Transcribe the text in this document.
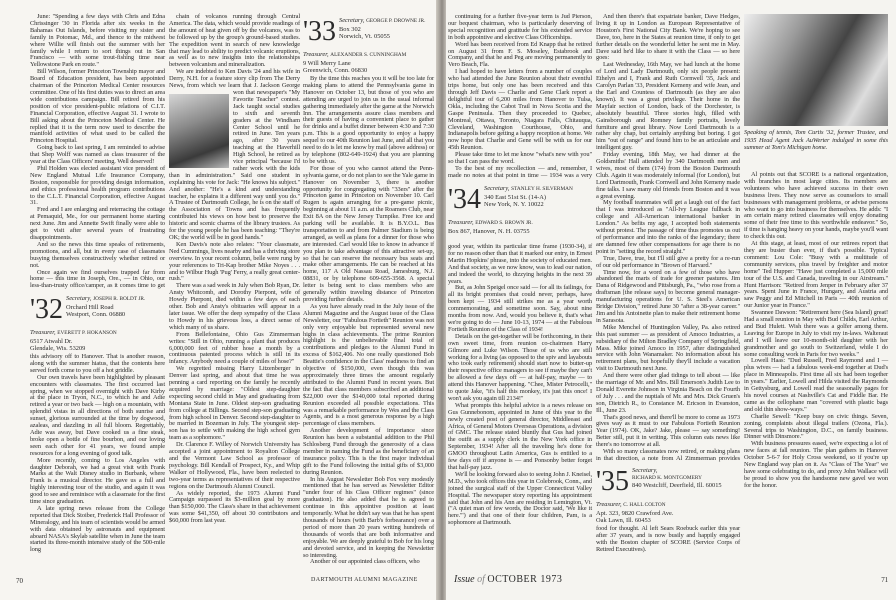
'32 Secretary, JOSEPH R. BOLDT JR.
Orchard Hill Road
Westport, Conn. 06880
Treasurer, EVERETT P. HOKANSON
6517 Atwahl Dr.
Glendale, Wis. 53209

June: "Spending a few days with Chris and Edna Chrissinger '30 in Florida after six weeks in the Bahamas Out Islands, before visiting my sister and family in Potomac, Md., and thence to the midwest where Willie will finish out the summer with her family while I return to sort things out in San Francisco — with some trout-fishing time near Yellowstone Park en route."

Bill Wilson, former Princeton Township mayor and Board of Education president, has been appointed chairman of the Princeton Medical Center resources committee. One of his first duties was to direct an area wide contributions campaign. Bill retired from his position of vice president-public relations of C.I.T. Financial Corporation, effective August 31. I wrote to Bill asking about the Princeton Medical Center. He replied that it is the term now used to describe the manifold activities of what used to be called the Princeton Hospital.

Going back to last spring, I am reminded to advise that Shep Wolff was named as class treasurer of the year at the Class Officers' meeting. Well deserved!

Phil Holden was elected assistant vice president of New England Mutual Life Insurance Company, Boston, responsible for providing design information, and ethics professional health program contributions to the C.L.T. Financial Corporation, effective August 31.

Fred and I are enlarging and reterracing the cottage at Pemaquid, Me., for our permanent home starting next June. Jim and Annette Swift finally were able to get to visit after several years of frustrating disappointments.

And so the news this time speaks of retirements, promotions, and all, but in every case of classmates busying themselves constructively whether retired or not.

Once again we find ourselves trapped far from home — this time in Joseph, Ore., — in Ohio, our less-than-trusty office/camper, as it comes time to get this advisory off to Hanover. That is another reason, along with the summer hiatus, that the contents here served forth come to you off a hot griddle.

Our own travels have been highlighted by pleasant encounters with classmates. The first occurred last spring, when we stopped overnight with Dave Kirby at the place in Tryon, N.C., to which he and Adie retired a year or two back — high on a mountain, with splendid vistas in all directions of both sunrise and sunset, glorious surrounded at the time by dogwood, azaleas, and dazzling in all full bloom. Regrettably, Adie was away, but Dave cooked us a fine steak, broke open a bottle of fine bourbon, and our loving seen each other for 41 years, we found ample resources for a long evening of good talk.

More recently, coming to Los Angeles with daughter Deborah, we had a great visit with Frank Marks at the Walt Disney studio in Burbank, where Frank is a musical director. He gave us a full and highly interesting tour of the studio, and again it was good to see and reminisce with a classmate for the first time since graduation.

A late spring news release from the College reported that Dick Stoiber, Frederick Hall Professor of Mineralogy, and his team of scientists would be armed with data obtained by astronauts and equipment aboard NASA's Skylab satellite when in June the team started its three-month intensive study of the 500-mile long

chain of volcanos running through Central America. The data, which would provide readings of the amount of heat given off by the volcanos, was to be followed up by the group's ground-based studies. The expedition went in search of new knowledge that may lead to ability to predict volcanic eruptions, as well as to new insights into the relationships between volcanism and mineralization.

We are indebted to Ken Davis '24 and his wife in Derry, N.H. for a feature story clip from The Derry News, from which we learn that J. Jackson George won that newspaper's "My Favorite Teacher" contest. Jack taught social studies to sixth and seventh graders at the Windham Center School until he retired in June. Ten years ago, after 30 years teaching at the Haverhill High School, he retired as vice principal "because I'd rather work with the kids than in administration." Said one student in explaining his vote for Jack: "He knows his subject." And another: "He's a kind and understanding teacher, he explains it a different way until you do." A Trustee of Dartmouth College, he is on the staff of the Association of Towns and has frequently contributed his views on how best to preserve the historic and scenic charms of the library trustees. As for the young people he has been teaching: "They're OK; the world will be in good hands."

Ken Davis's note also relates: "Your classmate, Ned Cummings, lives nearby and has a thriving store overview. In your recent column, belle were rung by your references to Tri-Kap brother Mike Noyes . . . and to Wilbur Hugh 'Pug' Ferry, a really great center-rush."

There was a sad week in July when Bob Ryan, Dr. Ansty Whitcomb, and Dorothy Pierpont, wife of Howdy Pierpont, died within a few days of each other. Bob and Ansty's obituaries will appear in a later issue. We offer the deep sympathy of the Class to Howdy in his grievous loss, a direct sense of which many of us share.

From Bellefontaine, Ohio Gus Zimmerman writes: "Still in Ohio, running a plant that produces 6,000,000 feet of rubber hose a month by a continuous patented process which is still in its infancy. Anybody need a couple of miles of hose?"

We regretted missing Harry Litzenberger in Denver last spring, and about that time he was penning a card reporting on the family he recently acquired by marriage: "Oldest step-daughter expecting second child in May and graduating from Montana State in June. Oldest step-son graduating from college at Billings. Second step-son graduating from high school in Denver. Second step-daughter to be married in Bozeman in July. The youngest step-son has to settle with making the high school gym team as a sophomore."

Dr. Clarence F. Willey of Norwich University has accepted a joint appointment to Royalton College and the Vermont Law School as professor of psychology. Bill Kendall of Prospect, Ky., and Whip Walker of Hollywood, Fla., have been reelected to two-year terms as representatives of their respective regions on the Dartmouth Alumni Council.

As widely reported, the 1973 Alumni Fund Campaign surpassed its $3-million goal by more than $150,000. The Class's share in that achievement was some $41,350, off about 30 contributors and $60,000 from last year.

'33 Secretary, GEORGE P. DROWNE JR.
Box 302
Norwich, Vt. 05055
Treasurer, ALEXANDER S. CUNNINGHAM
9 Will Merry Lane
Greenwich, Conn. 06830
DARTMOUTH ALUMNI MAGAZINE

By the time this reaches you it will be too late for making plans to attend the Pennsylvania game in Hanover on October 13, but those of you who are attending are urged to join us in the usual informal gathering immediately after the game at the Norwich Inn. The arrangements assure class members and their guests of having a convenient place to gather for drinks and a buffet dinner between 4:30 and 7:30 p.m. This is a good opportunity to enjoy a happy sequel to our 40th Reunion last June, and all that you need to do is let me know by mail (above address) or by telephone (802-649-1924) that you are planning to be with us.

For those of you who cannot attend the Penn-sylvania game, or do not plan to see the Yale game in Hanover on November 3, there is another opportunity for congregating with "33ers" after the Princeton game in Princeton on November 10. Carl Rugen is again arranging for a pre-game picnic, beginning at about 11 a.m. at the Roamers Club, near Exit 8A on the New Jersey Turnpike. Free ice and parking will be available. It is B.Y.O.L. Bus transportation to and from Palmer Stadium is being arranged, as well as plans for a dinner for those who are interested. Carl would like to know in advance if you plan to take advantage of this attractive set-up, so that he can reserve the necessary bus seats and make other arrangements. He can be reached at his home, 117 A Old Nassau Road, Jamesburg, N.J. 08831, or by telephone 609-655-3568. A special letter is being sent to class members who are generally within traveling distance of Princeton providing further details.

As you have already read in the July issue of the Alumni Magazine and the August issue of the Class Newsletter, our "Fabulous Fortieth" Reunion was not only very enjoyable but represented several new highs in class achievements. The prime Reunion highlight is the unbelievable final total of contributions and pledges to the Alumni Fund in excess of $162,406. No one really questioned Bob Beattie's confidence in the Class' readiness to find an objective of $150,000, even though this was approximately three times the amount regularly attributed to the Alumni Fund in recent years. But the fact that class members subscribed an additional $22,000 over the $140,000 total reported during Reunion exceeded all possible expectations. This was a remarkable performance by Wes and the Class Agents, and is a most generous response by a high percentage of class members.

Another development of importance since Reunion has been a substantial addition to the Phil Schlosberg Fund through the generosity of a class member in naming the Fund as the beneficiary of an insurance policy. This is the first major individual gift to the Fund following the initial gifts of $3,000 during Reunion.

In his August Newsletter Bob Fox very modestly mentioned that he has served as Newsletter Editor "under four of his Class Officer regimes" (since graduation). He also added that he is agreed to continue in this appointive position at least temporarily. What he didn't say was that he has spent thousands of hours (with Barb's forbearance) over a period of more than 20 years writing hundreds of thousands of words that are both informative and enjoyable. We are deeply grateful to Bob for his long and devoted service, and in keeping the Newsletter so interesting.

Another of our appointed class officers, who

70
'34 Secretary, STANLEY H. SILVERMAN
340 East 51st St. (14-A)
New York, N. Y. 10022
Treasurer, EDWARD S. BROWN JR.
Box 867, Hanover, N. H. 03755
Issue of OCTOBER 1973

continuing for a further five-year term is Jud Pierson, our bequest chairman, who is particularly deserving of special recognition and gratitude for his extended service in both appointive and elective Class Officerships.

Word has been received from Ed Knapp that he retired on August 31 from F. S. Moseley, Estabrook and Company, and that he and Peg are moving permanently to Vero Beach, Fla.

I had hoped to have letters from a number of couples who had attended the June Reunion about their eventful trips home, but only one has been received and this through Jeff Davis — Charlie and Gene Clark report a delightful tour of 6,200 miles from Hanover to Tulsa, Okla., including the Cabot Trail in Nova Scotia and the Gaspe Peninsula. Then they proceeded to Quebec, Montreal, Ottawa, Toronto, Niagara Falls, Chitauqua, Cleveland, Washington Courthouse, Ohio, and Indianapolis before getting a happy reception at home. We now hope that Charlie and Gene will be with us for our 45th Reunion.

Please take time to let me know "what's new with you" so that I can pass the word.

To the best of my recollection — and, remember, I made no notes at that point in time — 1934 was a very good year, within its particular time frame (1930-34), if for no reason other than that it marked our entry, in Ernest Martin Hopkins' phrase, into the society of educated men. And that society, as we now know, was to lead our nation, and indeed the world, to dizzying heights in the next 39 years.

But, as John Speigel once said — for all its failings, for all its bright promises that could never, perhaps, have been kept — 1934 still strikes me as a year worth commemorating, and sometime soon. Say, about nine months from now. And, would you believe it, that's what we're going to do — June 10-13, 1974 — at the Fabulous Fortieth Reunion of the Class of 1934!

Details on the get-together will be forthcoming, in their own sweet time, from reunion co-chairmen Harry Gilmore and Luke Wilson. Those of us who are still working for a living (as opposed to the spiv and layabouts who took early retirement) should start now to butter-up their respective office managers to see if maybe they can't be allowed a few days off — at half-pay, maybe — to attend this Hanover happening. "Chee, Mister Petrocelli," to quote Jake, "it's half this monkey, it's just this once! I won't ask you again till 2134!"

What prompts this helpful advice is a news release on Gus Gunnebonom, appointed in June of this year to the newly created post of general director, Middleeast and Africa, of General Motors Overseas Operations, a division of GMC. The release stated bluntly that Gus had joined the outfit as a supply clerk in the New York office in September, 1934! After all the traveling he's done for GMOO throughout Latin America, Gus is entitled to a few days off if anyone is — and Ponsonby better forget that half-pay jazz.

We'll be looking forward also to seeing John J. Kneisel, M.D., who took offices this year in Colebrook, Conn., and joined the surgical staff of the Upper Connecticut Valley Hospital. The newspaper story reporting his appointment said that John and his Ann are residing in Lemington, Vt. ("A quiet man of few words, the Doctor said, 'We like it here.'") and that one of their four children, Pam, is a sophomore at Dartmouth.

'35 Secretary,
RICHARD K. MONTGOMERY
840 Westcliff, Deerfield, Ill. 60015
Treasurer, C. HALL COLTON
Apt. 323, 9820 Crawford Ave.
Oak Lawn, Ill. 60453

And then there's that expatriate banker, Dave Hedges, living it up in London as European Representative of Houston's First National City Bank. We're hoping to see Dave, too, here in the States at reunion time, if only to get further details on the wonderful letter he sent me in May. Dave said he'd like to share it with the Class — so here goes:

Last Wednesday, 16th May, we had lunch at the home of Lord and Lady Dartmouth, only six people present: Ethelyn and I, Frank and Ruth Cornwell '35, Jack and Carolyn Parlan '33, President Kemeny and wife Jean, and the Earl and Countess of Dartmouth (as they are also known). It was a great privilege. Their home in the Mayfair section of London, back of the Dorchester, is absolutely beautiful. Three stories high, filled with Gainsborough and Romney family portraits, lovely furniture and great library. Now Lord Dartmouth is a rather shy chap, but certainly anything but boring. I got him "out of range" and found him to be an articulate and intelligent guy.

Friday evening, 18th May, we had dinner at the Goldsmiths' Hall attended by 340 Dartmouth men and wives, most of them (174) from the Boston Dartmouth Club. Again it was moderately informal (for London), but Lord Dartmouth, Frank Cornwell and John Kemeny made fine talks. I saw many old friends from Boston and it was a great evening.

My football teammates will get a laugh out of the fact that I was introduced as "All-Ivy League fullback in college and All-American international banker in London." As befits my age, I accepted both statements without protest. The passage of time thus promotes us out of performance and into the ranks of the legendary; there are damned few other compensations for age there is no point in "setting the record straight."

True, Dave, true, but I'll still give a pretty for a re-run of our old performance in "Brown of Harvard."

Time now, for a word on a few of those who have abandoned the marts of trade for greener pastures. Jim Dana of Ridgewood and Pittsburgh, Pa., "who rose from a draftsman [the release says] to become general manager-manufacturing operations for U. S. Steel's American Bridge Division," retired June 30 "after a 38-year career." Jim and his Antoinette plan to make their retirement home in Sarasota.

Mike Menchel of Huntingdon Valley, Pa. also retired this past summer — as president of Amoco Industries, a subsidiary of the Milton Bradley Company of Springfield, Mass. Mike joined Amoco in 1957, after distinguished service with John Wanamaker. No information about his retirement plans, but hopefully they'll include a vacation visit to Dartmouth next June.

And there were other glad tidings to tell about — like the marriage of Mr. and Mrs. Bill Emerson's Judith Lee to Donald Everette Johnson in Virginia Beach on the Fourth of July . . . and the nuptials of Mr. and Mrs. Dick Gruen's son, Dietrich R., to Constance M. Ericson in Evanston, Ill., June 23.

That's good news, and there'll be more to come as 1973 gives way as it must to our Fabulous Fortieth Reunion Year (1974). OK, Jake? Jake, please — say something! Better still, put it in writing. This column eats news like there's no tomorrow at all.

With so many classmates now retired, or making plans in that direction, a note from Al Zimmerman provides food for thought. Al left Sears Roebuck earlier this year after 37 years, and is now busily and happily engaged with the Boston chapter of SCORE (Service Corps of Retired Executives).

Speaking of tennis, Tom Curtis '32, former Trustee, and 1935 Head Agent Jack AuWerter indulged in some this summer at Tom's Michigan home.
71

Al points out that SCORE is a national organization, with branches in most large cities. Its members are volunteers who have achieved success in their own business lives. They now serve as counselors to small businesses with management problems, or advise persons who want to go into business for themselves. He adds: "I am certain many retired classmates will enjoy donating some of their free time to this worthwhile endeavor." So, if time is hanging heavy on your hands, maybe you'll want to check this out.

At this stage, at least, most of our retirees report that they are busier than ever, if that's possible. Typical comment: Lou Cole: "Busy with a multitude of community services, plus travel by freighter and motor home" Ted Hupper: "Have just completed a 15,000 mile tour of the U.S. and Canada, traveling in our Airstream." Hunt Harrison: "Retired from Jenper in February after 37 years. Spent June in France, Hungary, and Austria and saw Peggy and Ed Mitchell in Paris — 40th reunion of our Junior year in France."

Swannee Dawson: "Retirement here (Sea Island) great! Had a small reunion in May with Bud Childs, Earl Arthur, and Bud Hulett. Wish there was a golfer among them. Leaving for Europe in July to visit my in-laws. Walteraut and I will leave our 10-month-old daughter with her grandmother and go south to Switzerland, while I do some consulting work in Paris for two weeks."

Lowell Haas: "Dud Russell, Fred Raymond and I — plus wives — had a fabulous week-end together at Dud's place in Minneapolis. First time all six had been together in years." Earlier, Lowell and Hilda visited the Raymonds in Gettysburg, and Lowell read the seasonally pages for his novel courses at Nashville's Cat and Fiddle Bar. He came as the cellophane man "covered with plastic bags and old thin show-ways."

Charlie Sewell: "Keep busy on civic things. Seven, zoning, complaints about illegal trailers (Ozona, Fla.). Several trips to Washington, D.C., on family business. Dinner with Dinsmore."

With business pressures eased, we're expecting a lot of new faces at fall reunion. The plan gathers in Hanover October 5-6-7 for Holy Cross weekend, so if you're up New England way plan on it. As "Class of The Year" we have some celebrating to do, and prexy John Wallace will be proud to show you the handsome new gavel we won for the honor.
